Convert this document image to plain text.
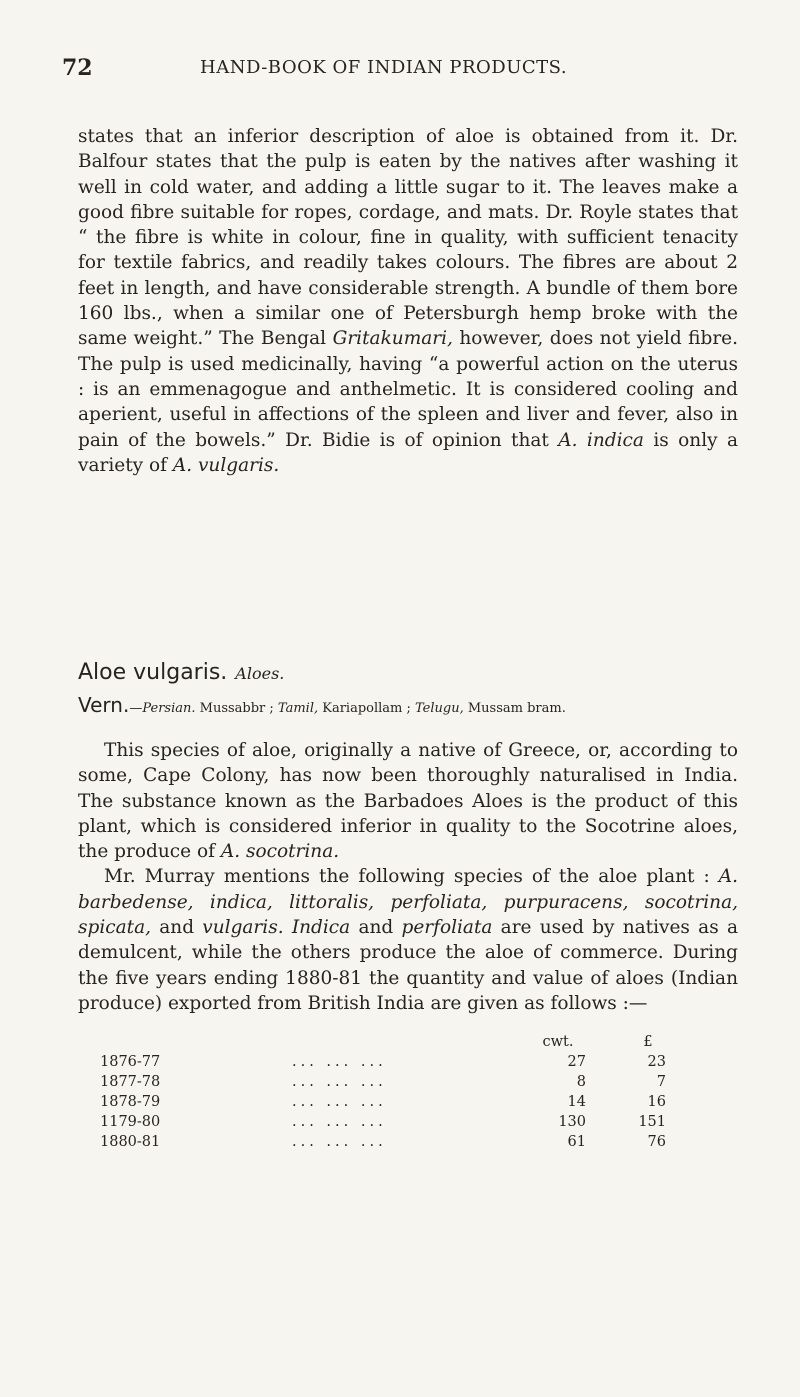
72	HAND-BOOK OF INDIAN PRODUCTS.

states that an inferior description of aloe is obtained from it. Dr. Balfour states that the pulp is eaten by the natives after washing it well in cold water, and adding a little sugar to it. The leaves make a good fibre suitable for ropes, cordage, and mats. Dr. Royle states that “ the fibre is white in colour, fine in quality, with sufficient tenacity for textile fabrics, and readily takes colours. The fibres are about 2 feet in length, and have considerable strength. A bundle of them bore 160 lbs., when a similar one of Petersburgh hemp broke with the same weight.” The Bengal Gritakumari, however, does not yield fibre. The pulp is used medicinally, having “a powerful action on the uterus : is an emmenagogue and anthelmetic. It is considered cooling and aperient, useful in affections of the spleen and liver and fever, also in pain of the bowels.” Dr. Bidie is of opinion that A. indica is only a variety of A. vulgaris.

Aloe vulgaris. Aloes.
Vern.—Persian. Mussabbr ; Tamil, Kariapollam ; Telugu, Mussam bram.

This species of aloe, originally a native of Greece, or, according to some, Cape Colony, has now been thoroughly naturalised in India. The substance known as the Barbadoes Aloes is the product of this plant, which is considered inferior in quality to the Socotrine aloes, the produce of A. socotrina.

Mr. Murray mentions the following species of the aloe plant : A. barbedense, indica, littoralis, perfoliata, purpuracens, socotrina, spicata, and vulgaris. Indica and perfoliata are used by natives as a demulcent, while the others produce the aloe of commerce. During the five years ending 1880-81 the quantity and value of aloes (Indian produce) exported from British India are given as follows :—

cwt.	£
1876-77	... ... ...	27	23
1877-78	... ... ...	8	7
1878-79	... ... ...	14	16
1179-80	... ... ...	130	151
1880-81	... ... ...	61	76
